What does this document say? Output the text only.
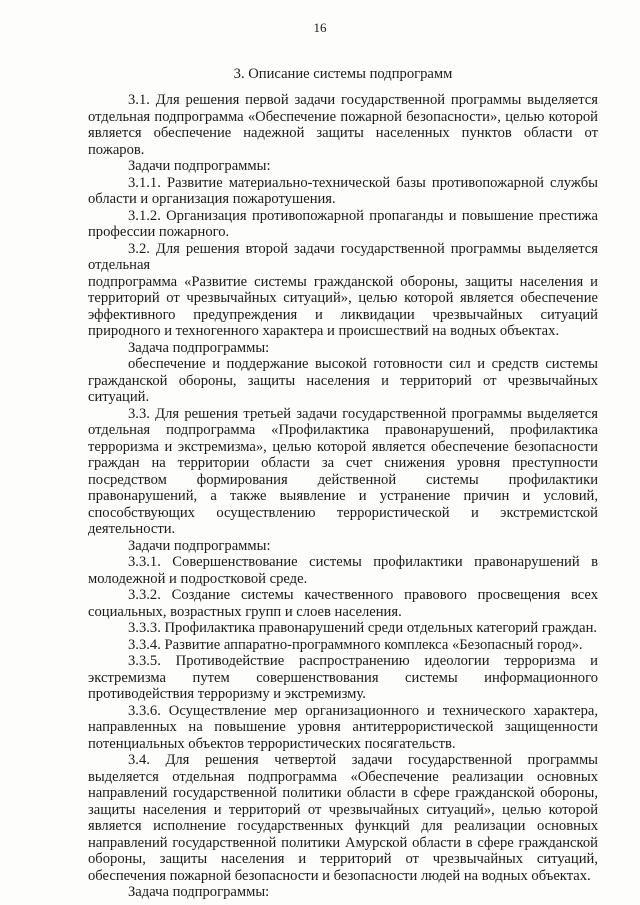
16
3. Описание системы подпрограмм

3.1. Для решения первой задачи государственной программы выделяется отдельная подпрограмма «Обеспечение пожарной безопасности», целью которой является обеспечение надежной защиты населенных пунктов области от пожаров.

Задачи подпрограммы:

3.1.1. Развитие материально-технической базы противопожарной службы области и организация пожаротушения.

3.1.2. Организация противопожарной пропаганды и повышение престижа профессии пожарного.

3.2. Для решения второй задачи государственной программы выделяется отдельная

подпрограмма «Развитие системы гражданской обороны, защиты населения и территорий от чрезвычайных ситуаций», целью которой является обеспечение эффективного предупреждения и ликвидации чрезвычайных ситуаций природного и техногенного характера и происшествий на водных объектах.

Задача подпрограммы:

обеспечение и поддержание высокой готовности сил и средств системы гражданской обороны, защиты населения и территорий от чрезвычайных ситуаций.

3.3. Для решения третьей задачи государственной программы выделяется отдельная подпрограмма «Профилактика правонарушений, профилактика терроризма и экстремизма», целью которой является обеспечение безопасности граждан на территории области за счет снижения уровня преступности посредством формирования действенной системы профилактики правонарушений, а также выявление и устранение причин и условий, способствующих осуществлению террористической и экстремистской деятельности.

Задачи подпрограммы:

3.3.1. Совершенствование системы профилактики правонарушений в молодежной и подростковой среде.

3.3.2. Создание системы качественного правового просвещения всех социальных, возрастных групп и слоев населения.

3.3.3. Профилактика правонарушений среди отдельных категорий граждан.

3.3.4. Развитие аппаратно-программного комплекса «Безопасный город».

3.3.5. Противодействие распространению идеологии терроризма и экстремизма путем совершенствования системы информационного противодействия терроризму и экстремизму.

3.3.6. Осуществление мер организационного и технического характера, направленных на повышение уровня антитеррористической защищенности потенциальных объектов террористических посягательств.

3.4. Для решения четвертой задачи государственной программы выделяется отдельная подпрограмма «Обеспечение реализации основных направлений государственной политики области в сфере гражданской обороны, защиты населения и территорий от чрезвычайных ситуаций», целью которой является исполнение государственных функций для реализации основных направлений государственной политики Амурской области в сфере гражданской обороны, защиты населения и территорий от чрезвычайных ситуаций, обеспечения пожарной безопасности и безопасности людей на водных объектах.

Задача подпрограммы:
